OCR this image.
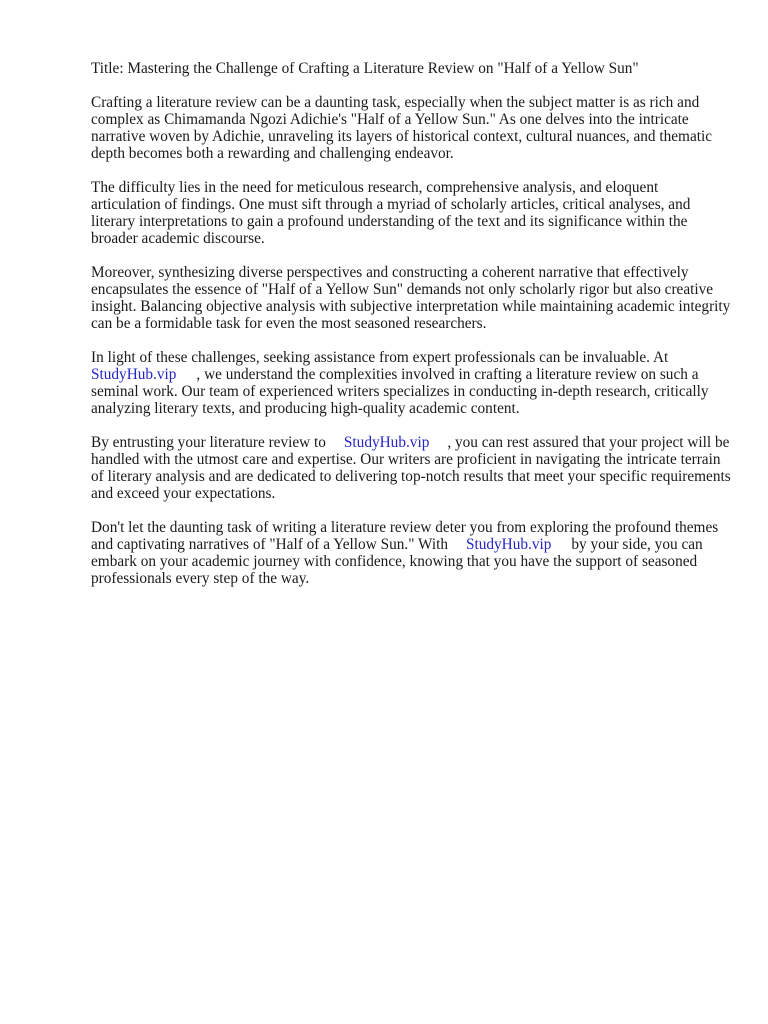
Title: Mastering the Challenge of Crafting a Literature Review on "Half of a Yellow Sun"

Crafting a literature review can be a daunting task, especially when the subject matter is as rich and complex as Chimamanda Ngozi Adichie's "Half of a Yellow Sun." As one delves into the intricate narrative woven by Adichie, unraveling its layers of historical context, cultural nuances, and thematic depth becomes both a rewarding and challenging endeavor.

The difficulty lies in the need for meticulous research, comprehensive analysis, and eloquent articulation of findings. One must sift through a myriad of scholarly articles, critical analyses, and literary interpretations to gain a profound understanding of the text and its significance within the broader academic discourse.

Moreover, synthesizing diverse perspectives and constructing a coherent narrative that effectively encapsulates the essence of "Half of a Yellow Sun" demands not only scholarly rigor but also creative insight. Balancing objective analysis with subjective interpretation while maintaining academic integrity can be a formidable task for even the most seasoned researchers.

In light of these challenges, seeking assistance from expert professionals can be invaluable. At
StudyHub.vip , we understand the complexities involved in crafting a literature review on such a seminal work. Our team of experienced writers specializes in conducting in-depth research, critically analyzing literary texts, and producing high-quality academic content.

By entrusting your literature review to StudyHub.vip , you can rest assured that your project will be handled with the utmost care and expertise. Our writers are proficient in navigating the intricate terrain of literary analysis and are dedicated to delivering top-notch results that meet your specific requirements and exceed your expectations.

Don't let the daunting task of writing a literature review deter you from exploring the profound themes and captivating narratives of "Half of a Yellow Sun." With StudyHub.vip by your side, you can embark on your academic journey with confidence, knowing that you have the support of seasoned professionals every step of the way.
